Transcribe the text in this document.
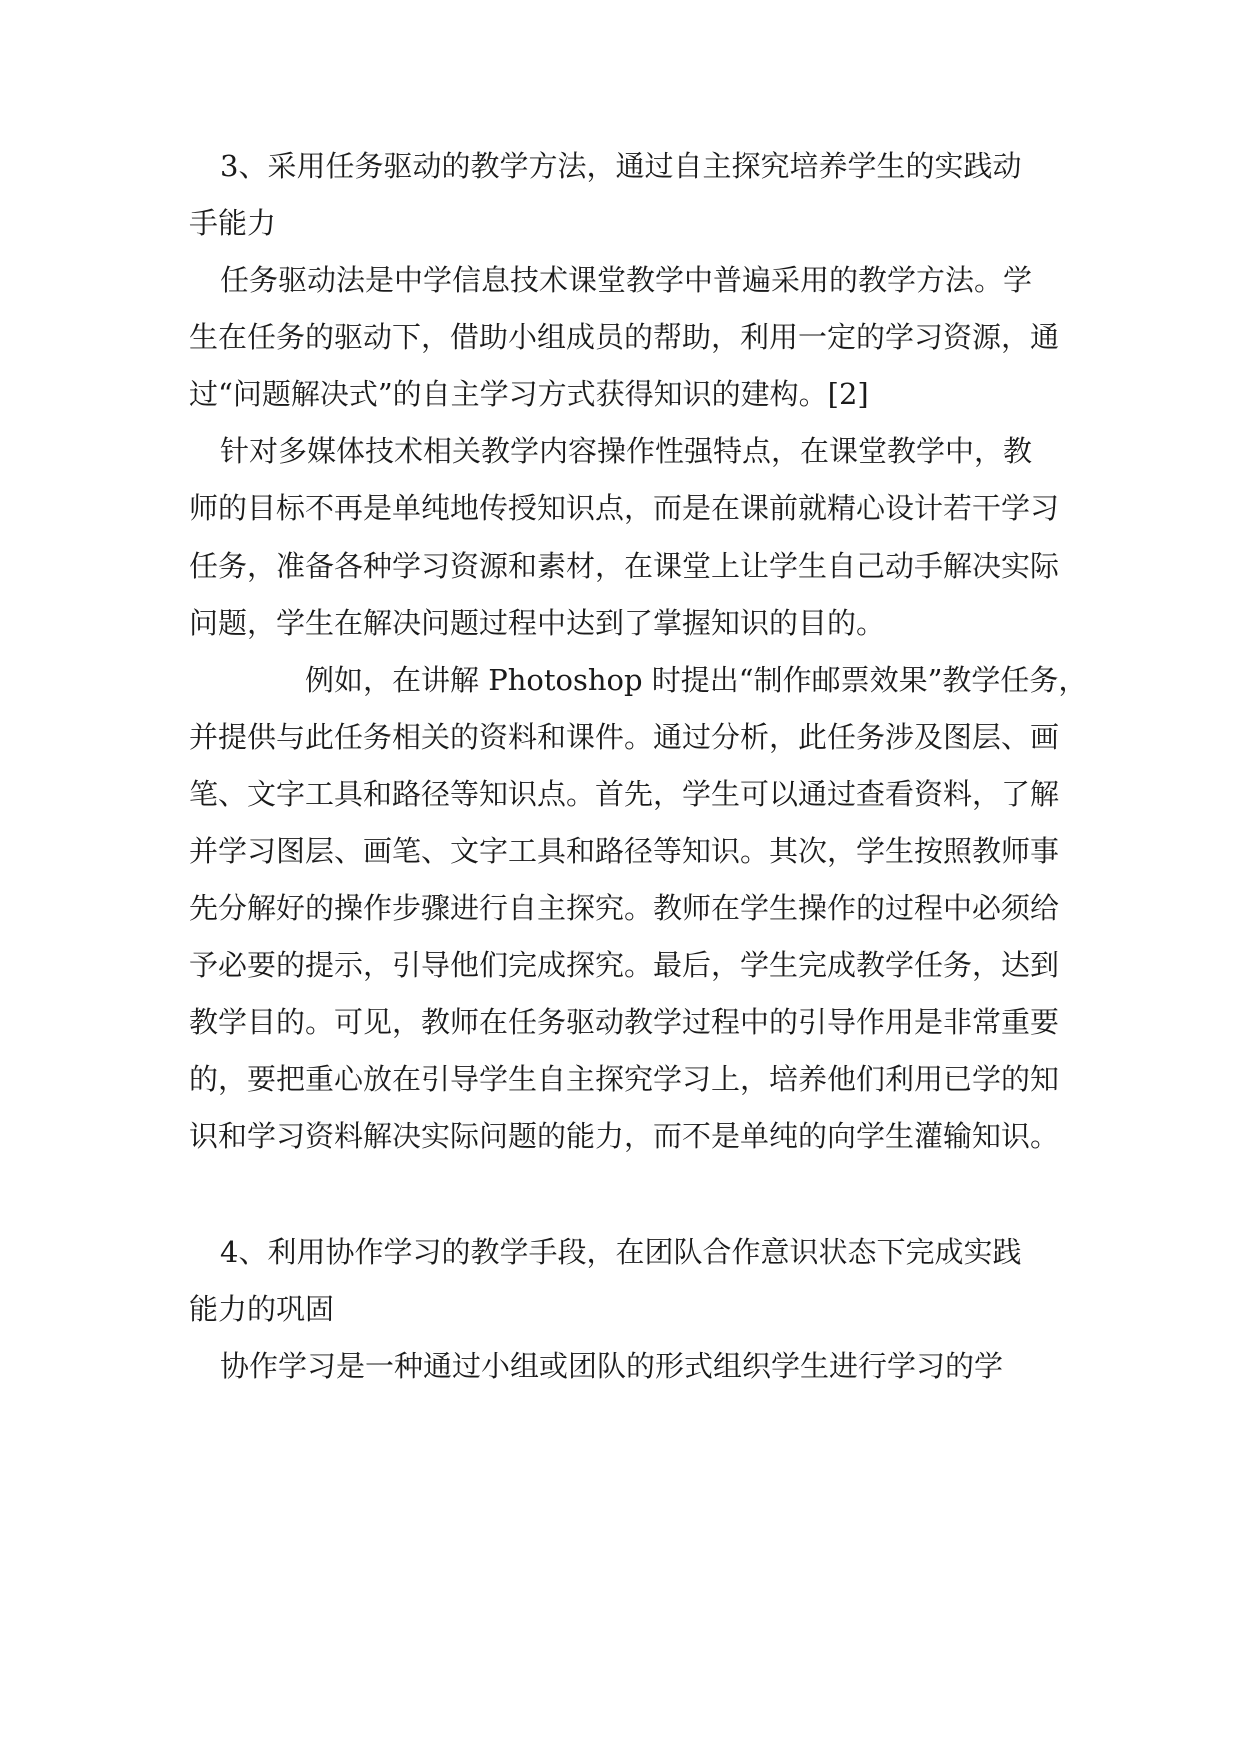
3、采用任务驱动的教学方法，通过自主探究培养学生的实践动
手能力
任务驱动法是中学信息技术课堂教学中普遍采用的教学方法。学
生在任务的驱动下，借助小组成员的帮助，利用一定的学习资源，通
过“问题解决式”的自主学习方式获得知识的建构。[2]
针对多媒体技术相关教学内容操作性强特点，在课堂教学中，教
师的目标不再是单纯地传授知识点，而是在课前就精心设计若干学习
任务，准备各种学习资源和素材，在课堂上让学生自己动手解决实际
问题，学生在解决问题过程中达到了掌握知识的目的。
例如，在讲解 Photoshop 时提出“制作邮票效果”教学任务，
并提供与此任务相关的资料和课件。通过分析，此任务涉及图层、画
笔、文字工具和路径等知识点。首先，学生可以通过查看资料，了解
并学习图层、画笔、文字工具和路径等知识。其次，学生按照教师事
先分解好的操作步骤进行自主探究。教师在学生操作的过程中必须给
予必要的提示，引导他们完成探究。最后，学生完成教学任务，达到
教学目的。可见，教师在任务驱动教学过程中的引导作用是非常重要
的，要把重心放在引导学生自主探究学习上，培养他们利用已学的知
识和学习资料解决实际问题的能力，而不是单纯的向学生灌输知识。
4、利用协作学习的教学手段，在团队合作意识状态下完成实践
能力的巩固
协作学习是一种通过小组或团队的形式组织学生进行学习的学
